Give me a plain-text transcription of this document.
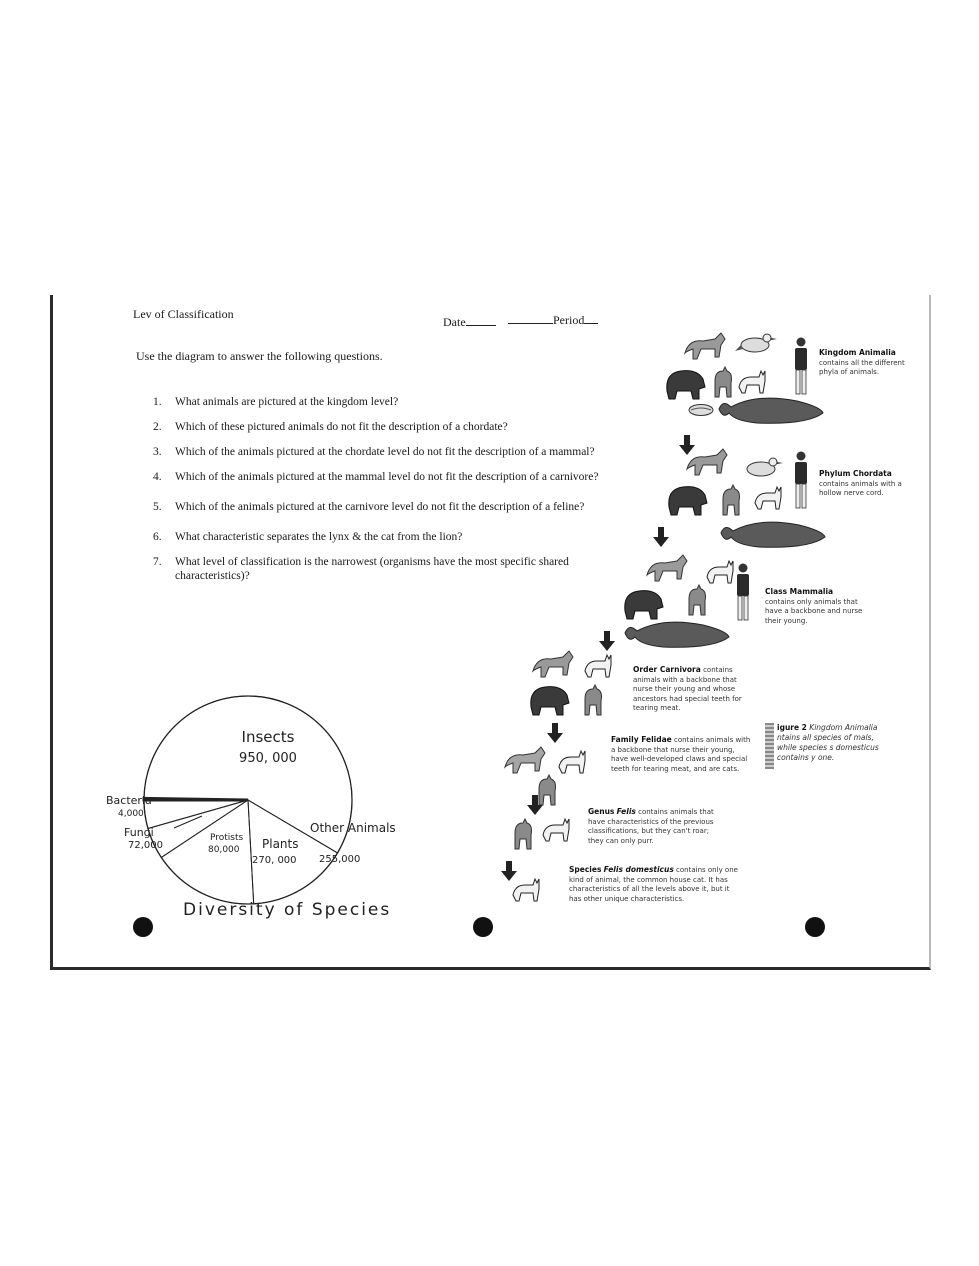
Lev of Classification
Date	Period
Use the diagram to answer the following questions.
1. What animals are pictured at the kingdom level?
2. Which of these pictured animals do not fit the description of a chordate?
3. Which of the animals pictured at the chordate level do not fit the description of a mammal?
4. Which of the animals pictured at the mammal level do not fit the description of a carnivore?
5. Which of the animals pictured at the carnivore level do not fit the description of a feline?
6. What characteristic separates the lynx & the cat from the lion?
7. What level of classification is the narrowest (organisms have the most specific shared characteristics)?
Kingdom Animalia
contains all the different phyla of animals.
Phylum Chordata
contains animals with a hollow nerve cord.
Class Mammalia
contains only animals that have a backbone and nurse their young.
Order Carnivora contains animals with a backbone that nurse their young and whose ancestors had special teeth for tearing meat.
Family Felidae contains animals with a backbone that nurse their young, have well-developed claws and special teeth for tearing meat, and are cats.
Genus Felis contains animals that have characteristics of the previous classifications, but they can't roar; they can only purr.
Species Felis domesticus contains only one kind of animal, the common house cat. It has characteristics of all the levels above it, but it has other unique characteristics.
igure 2 Kingdom Animalia ntains all species of mals, while species s domesticus contains y one.
Insects
950, 000
Other Animals
255,000
Plants
270, 000
Protists
80,000
Fungi
72,000
Bacteria
4,000
Diversity of Species
